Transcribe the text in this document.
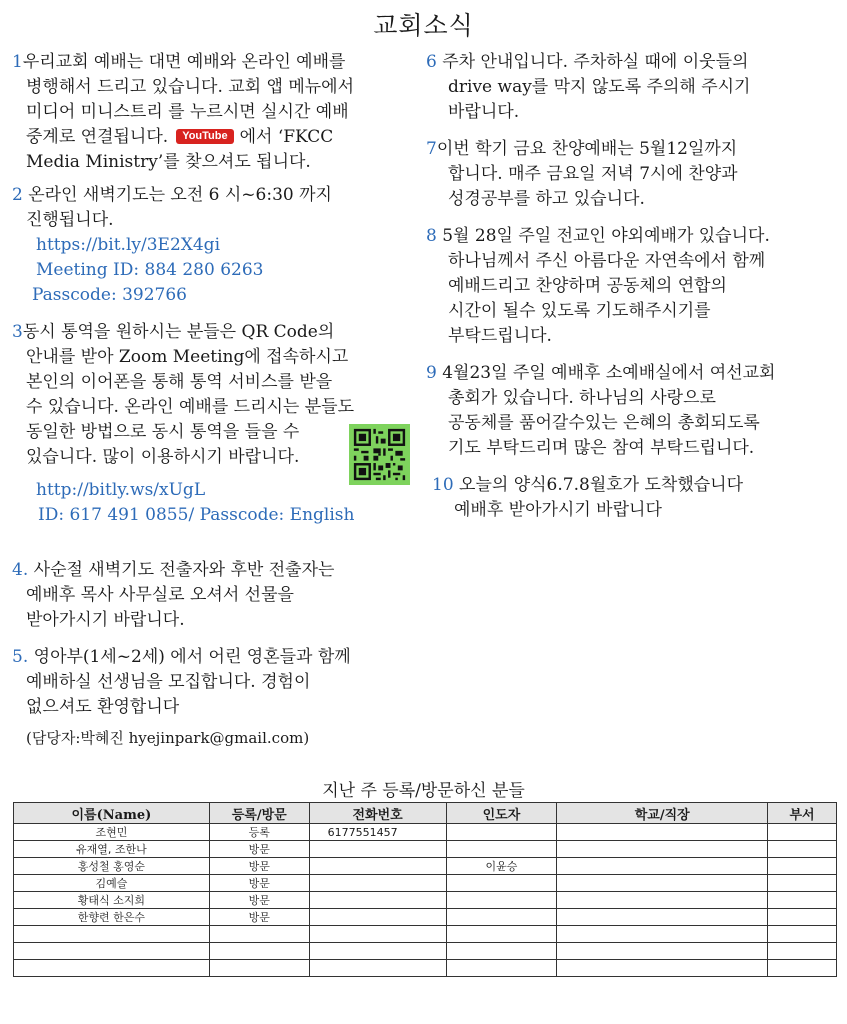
교회소식

1우리교회 예배는 대면 예배와 온라인 예배를

병행해서 드리고 있습니다. 교회 앱 메뉴에서

미디어 미니스트리 를 누르시면 실시간 예배

중계로 연결됩니다. YouTube 에서 ‘FKCC

Media Ministry’를 찾으셔도 됩니다.

2 온라인 새벽기도는 오전 6 시~6:30 까지

진행됩니다.

https://bit.ly/3E2X4gi

Meeting ID: 884 280 6263

Passcode: 392766

3동시 통역을 원하시는 분들은 QR Code의

안내를 받아 Zoom Meeting에 접속하시고

본인의 이어폰을 통해 통역 서비스를 받을

수 있습니다. 온라인 예배를 드리시는 분들도

동일한 방법으로 동시 통역을 들을 수

있습니다. 많이 이용하시기 바랍니다.

http://bitly.ws/xUgL

ID: 617 491 0855/ Passcode: English

4. 사순절 새벽기도 전출자와 후반 전출자는

예배후 목사 사무실로 오셔서 선물을

받아가시기 바랍니다.

5. 영아부(1세~2세) 에서 어린 영혼들과 함께

예배하실 선생님을 모집합니다. 경험이

없으셔도 환영합니다

(담당자:박혜진 hyejinpark@gmail.com)

6 주차 안내입니다. 주차하실 때에 이웃들의

drive way를 막지 않도록 주의해 주시기

바랍니다.

7이번 학기 금요 찬양예배는 5월12일까지

합니다. 매주 금요일 저녁 7시에 찬양과

성경공부를 하고 있습니다.

8 5월 28일 주일 전교인 야외예배가 있습니다.

하나님께서 주신 아름다운 자연속에서 함께

예배드리고 찬양하며 공동체의 연합의

시간이 될수 있도록 기도해주시기를

부탁드립니다.

9 4월23일 주일 예배후 소예배실에서 여선교회

총회가 있습니다. 하나님의 사랑으로

공동체를 품어갈수있는 은혜의 총회되도록

기도 부탁드리며 많은 참여 부탁드립니다.

10 오늘의 양식6.7.8월호가 도착했습니다

예배후 받아가시기 바랍니다

지난 주 등록/방문하신 분들
이름(Name)	등록/방문	전화번호	인도자	학교/직장	부서
조현민	등록	6177551457			
유재열, 조한나	방문				
홍성철 홍영순	방문		이윤승		
김예슬	방문				
황태식 소지희	방문				
한향련 한은수	방문				
